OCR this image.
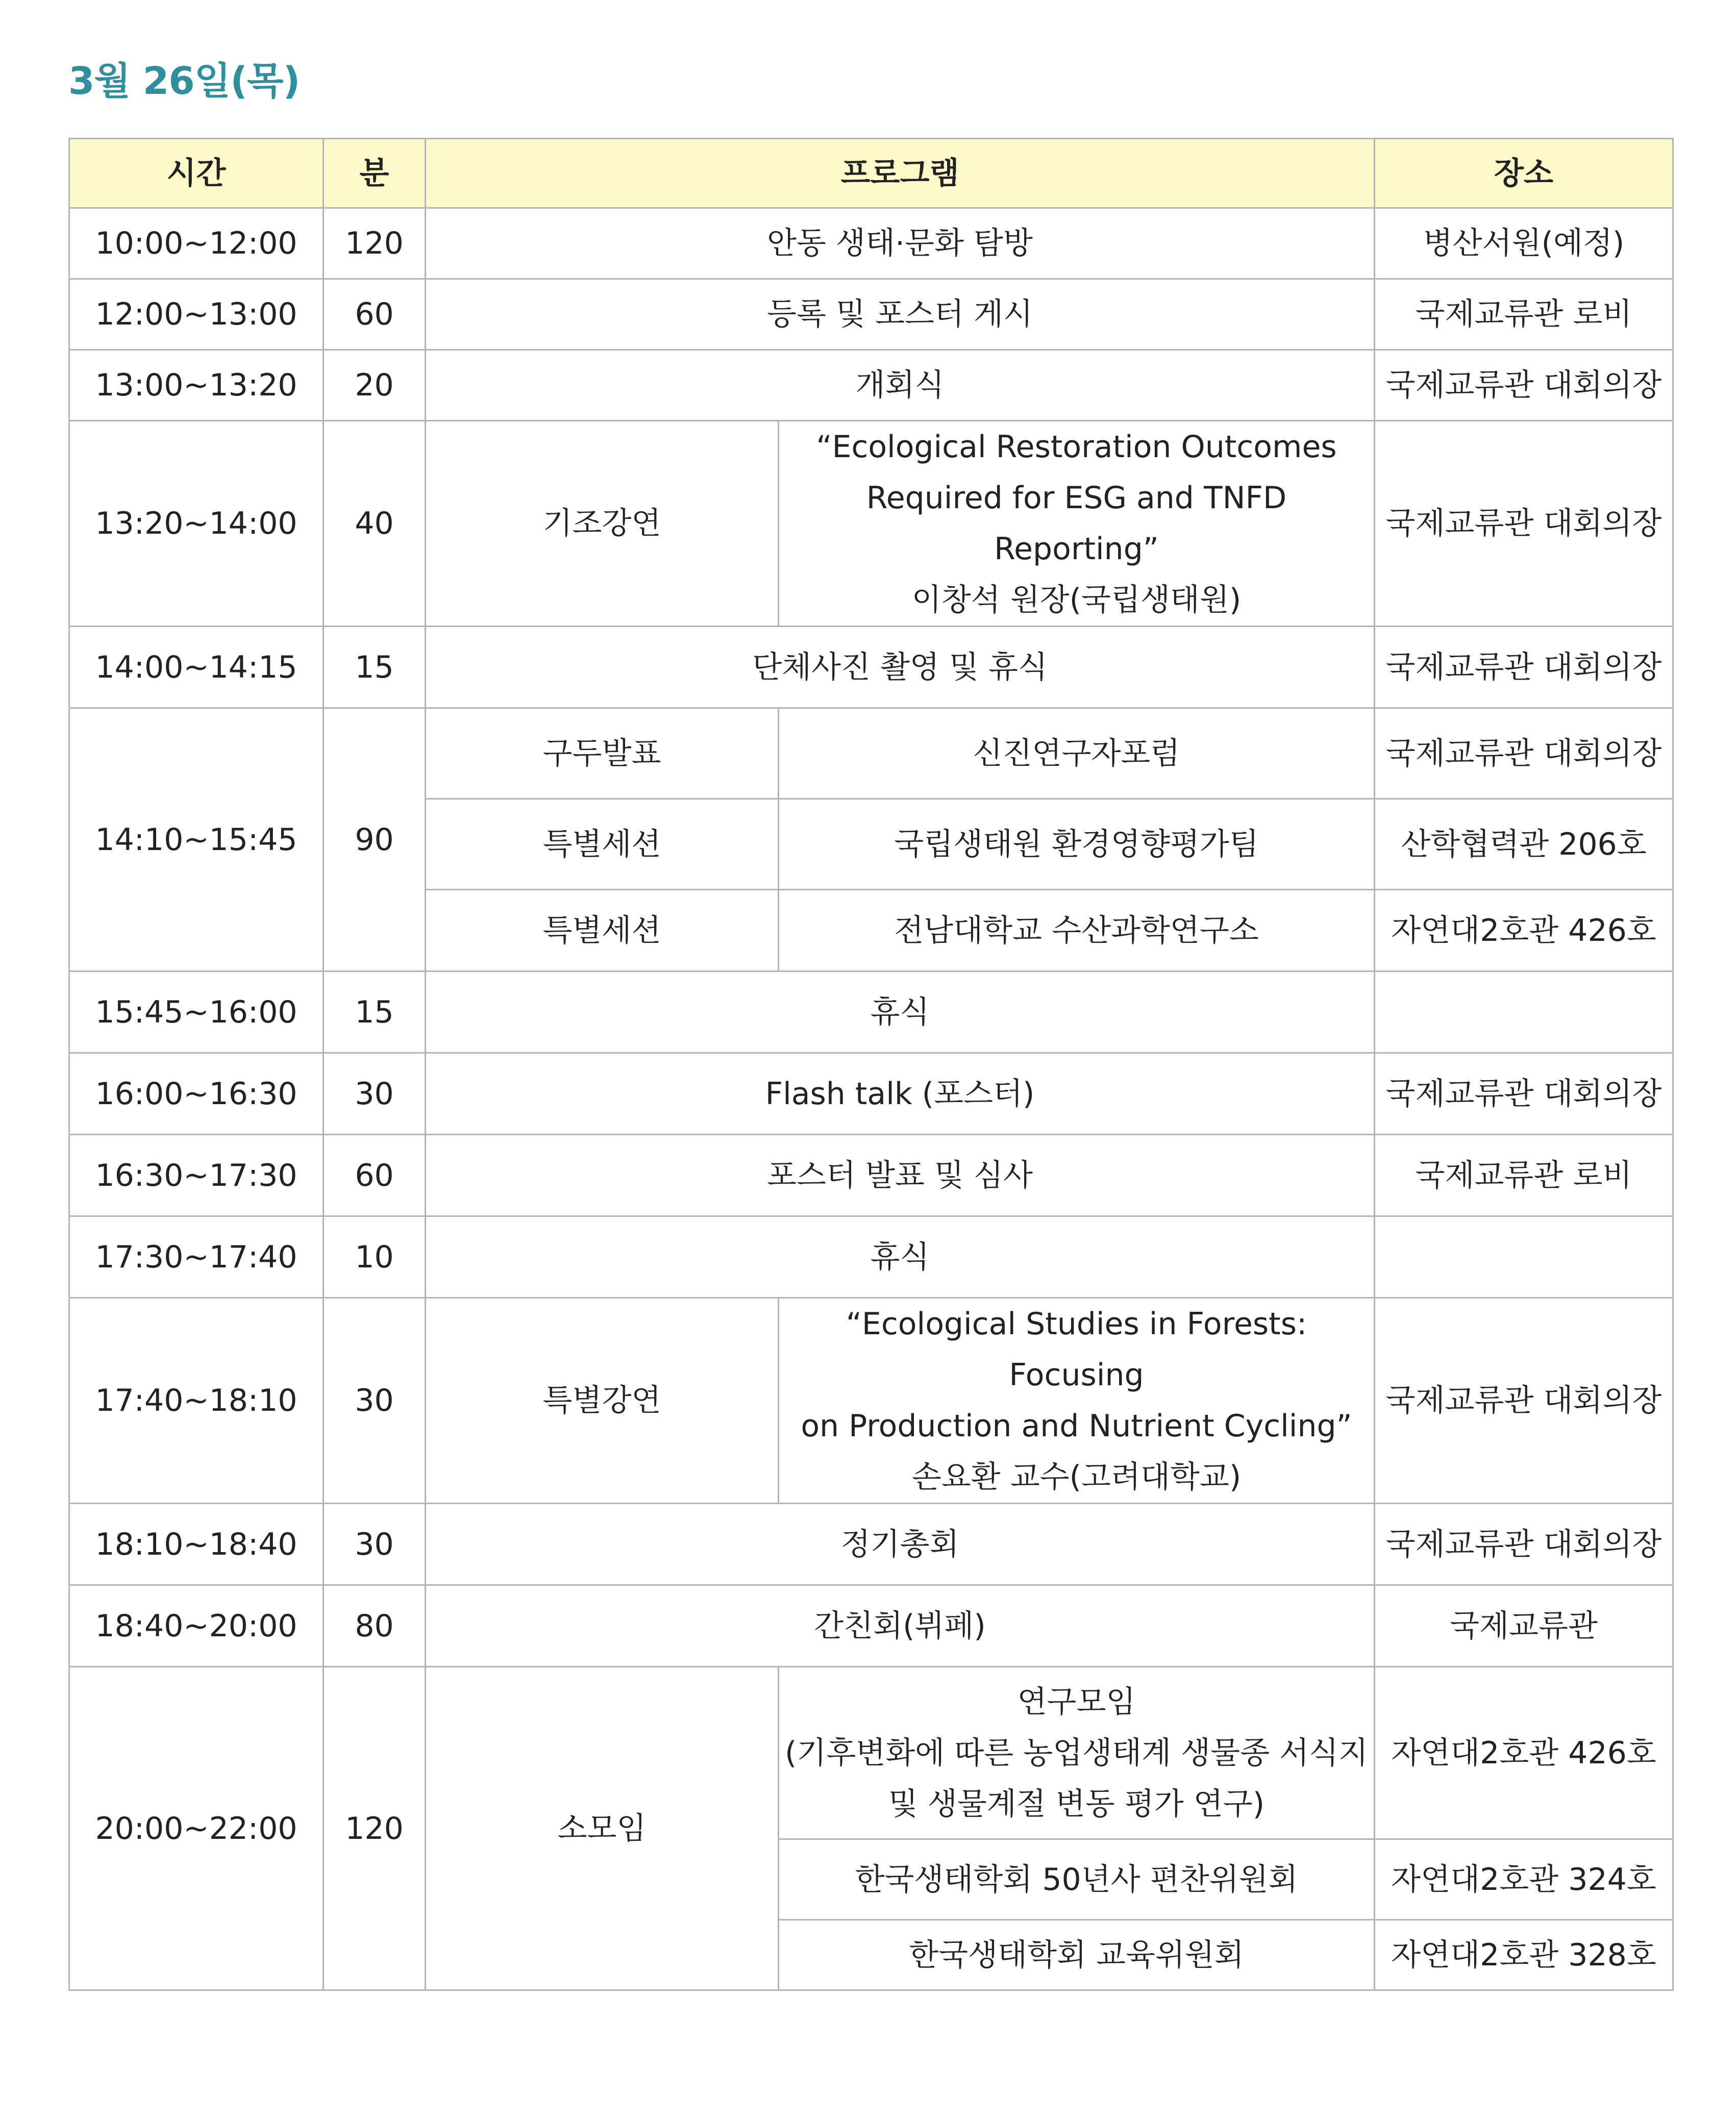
3월 26일(목)
시간	분	프로그램		장소
10:00~12:00	120	안동 생태·문화 탐방		병산서원(예정)
12:00~13:00	60	등록 및 포스터 게시		국제교류관 로비
13:00~13:20	20	개회식		국제교류관 대회의장
13:20~14:00	40	기조강연	“Ecological Restoration Outcomes
Required for ESG and TNFD Reporting”
이창석 원장(국립생태원)	국제교류관 대회의장
14:00~14:15	15	단체사진 촬영 및 휴식		국제교류관 대회의장
14:10~15:45	90	구두발표	신진연구자포럼	국제교류관 대회의장
		특별세션	국립생태원 환경영향평가팀	산학협력관 206호
		특별세션	전남대학교 수산과학연구소	자연대2호관 426호
15:45~16:00	15	휴식		
16:00~16:30	30	Flash talk (포스터)		국제교류관 대회의장
16:30~17:30	60	포스터 발표 및 심사		국제교류관 로비
17:30~17:40	10	휴식		
17:40~18:10	30	특별강연	“Ecological Studies in Forests: Focusing
on Production and Nutrient Cycling”
손요환 교수(고려대학교)	국제교류관 대회의장
18:10~18:40	30	정기총회		국제교류관 대회의장
18:40~20:00	80	간친회(뷔페)		국제교류관
20:00~22:00	120	소모임	연구모임
(기후변화에 따른 농업생태계 생물종 서식지
및 생물계절 변동 평가 연구)	자연대2호관 426호
			한국생태학회 50년사 편찬위원회	자연대2호관 324호
			한국생태학회 교육위원회	자연대2호관 328호
